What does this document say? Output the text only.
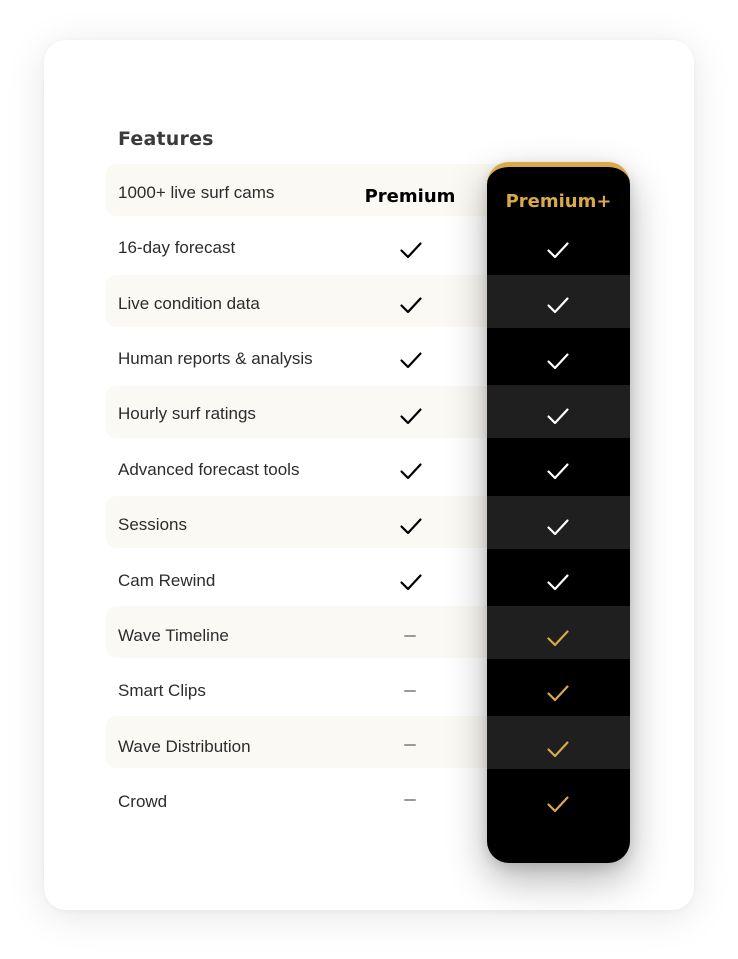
Features
1000+ live surf cams
16-day forecast
Live condition data
Human reports & analysis
Hourly surf ratings
Advanced forecast tools
Sessions
Cam Rewind
Wave Timeline
Smart Clips
Wave Distribution
Crowd
Premium	Premium+
